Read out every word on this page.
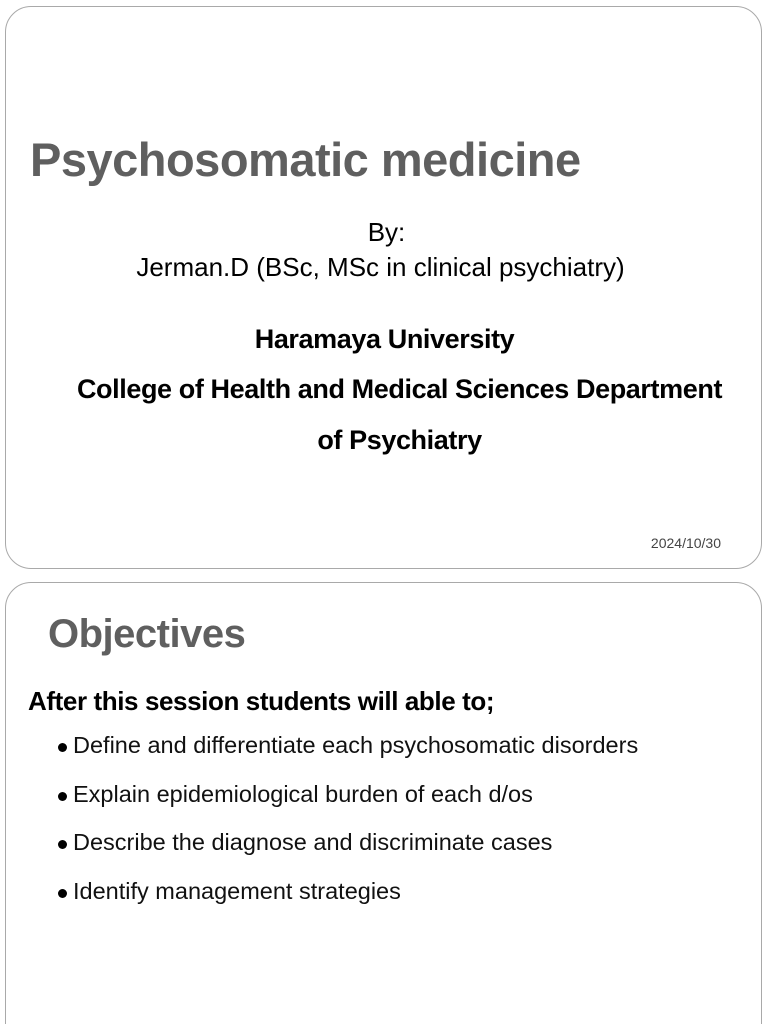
Psychosomatic medicine

By:

Jerman.D (BSc, MSc in clinical psychiatry)

Haramaya University

College of Health and Medical Sciences Department

of Psychiatry

2024/10/30

Objectives

After this session students will able to;

Define and differentiate each psychosomatic disorders
Explain epidemiological burden of each d/os
Describe the diagnose and discriminate cases
Identify management strategies
